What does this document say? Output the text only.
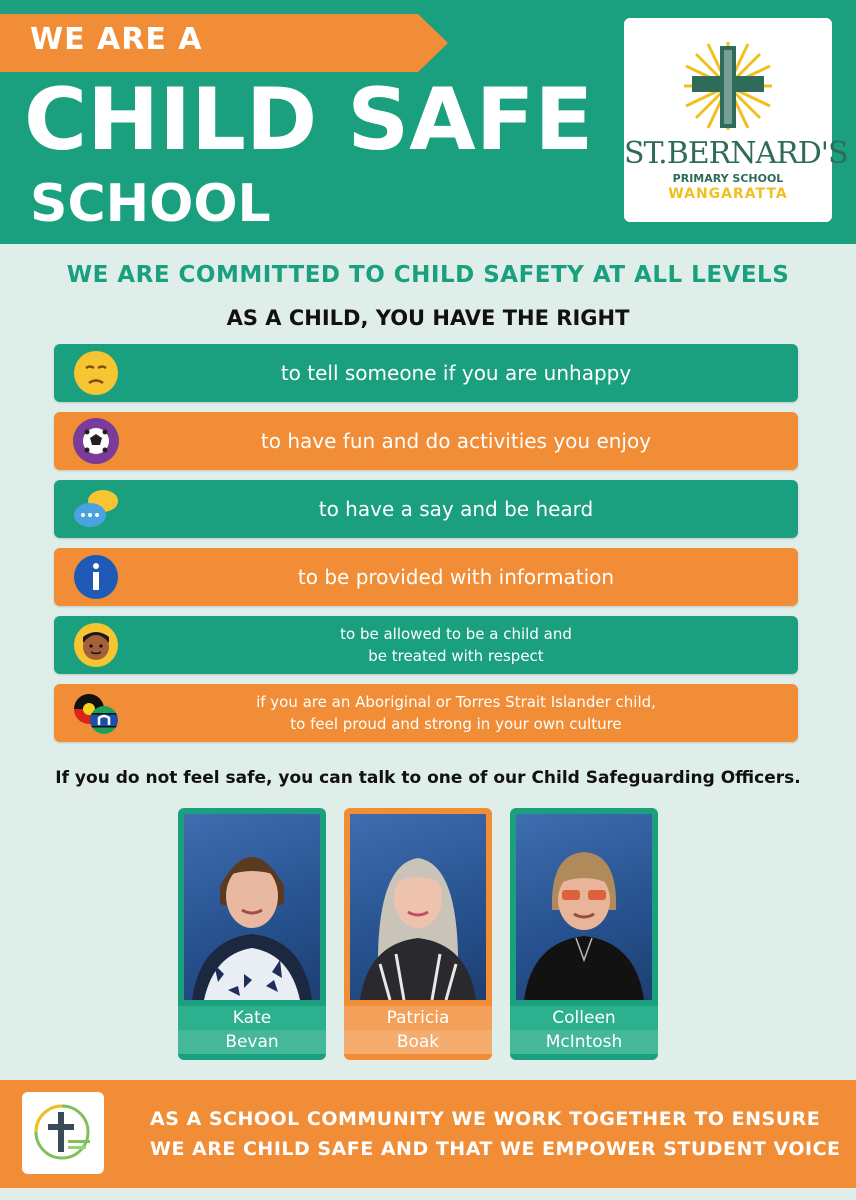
WE ARE A
CHILD SAFE
SCHOOL
ST.BERNARD'S
PRIMARY SCHOOL
WANGARATTA
WE ARE COMMITTED TO CHILD SAFETY AT ALL LEVELS
AS A CHILD, YOU HAVE THE RIGHT
to tell someone if you are unhappy
to have fun and do activities you enjoy
to have a say and be heard
to be provided with information
to be allowed to be a child and
be treated with respect
if you are an Aboriginal or Torres Strait Islander child,
to feel proud and strong in your own culture
If you do not feel safe, you can talk to one of our Child Safeguarding Officers.
Kate
Bevan
Patricia
Boak
Colleen
McIntosh
AS A SCHOOL COMMUNITY WE WORK TOGETHER TO ENSURE
WE ARE CHILD SAFE AND THAT WE EMPOWER STUDENT VOICE
